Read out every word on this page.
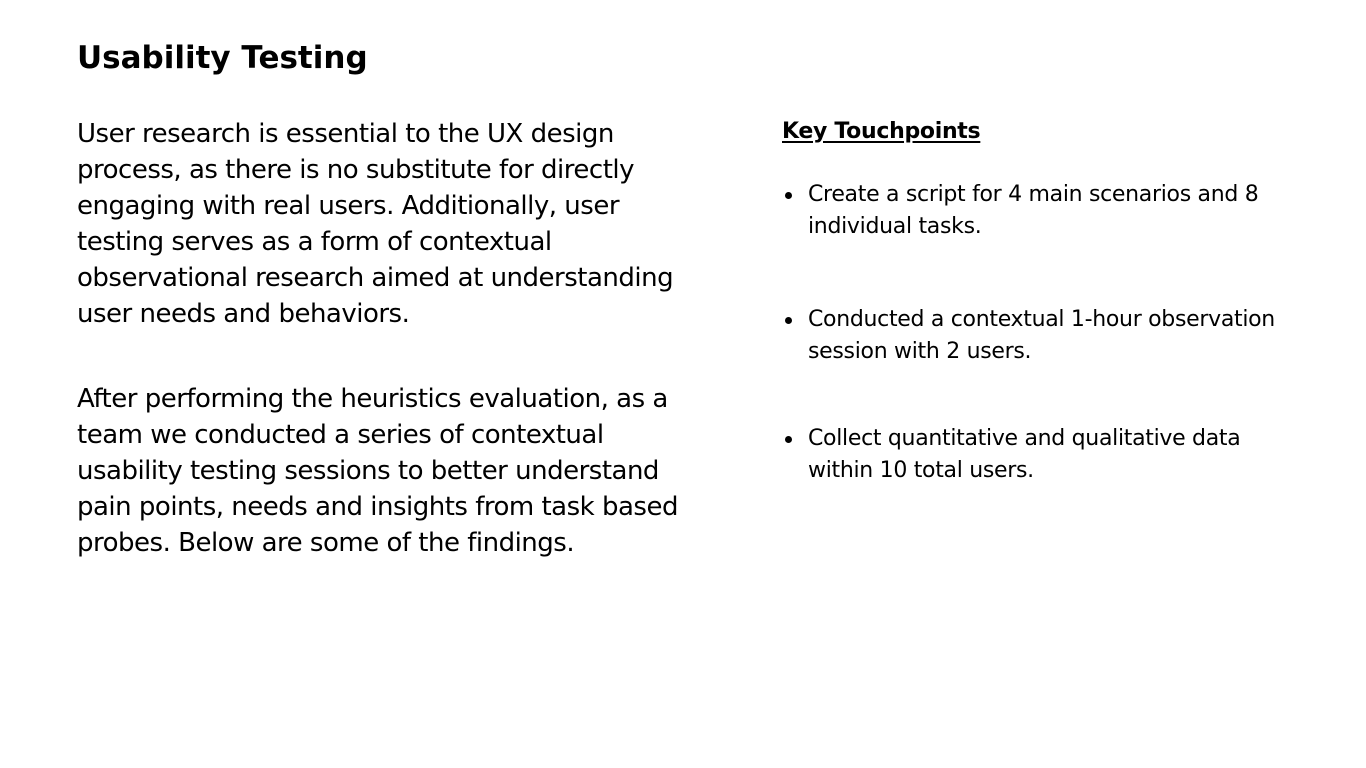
Usability Testing

User research is essential to the UX design process, as there is no substitute for directly engaging with real users. Additionally, user testing serves as a form of contextual observational research aimed at understanding user needs and behaviors.

After performing the heuristics evaluation, as a team we conducted a series of contextual usability testing sessions to better understand pain points, needs and insights from task based probes. Below are some of the findings.

Key Touchpoints
Create a script for 4 main scenarios and 8 individual tasks.
Conducted a contextual 1-hour observation session with 2 users.
Collect quantitative and qualitative data within 10 total users.
